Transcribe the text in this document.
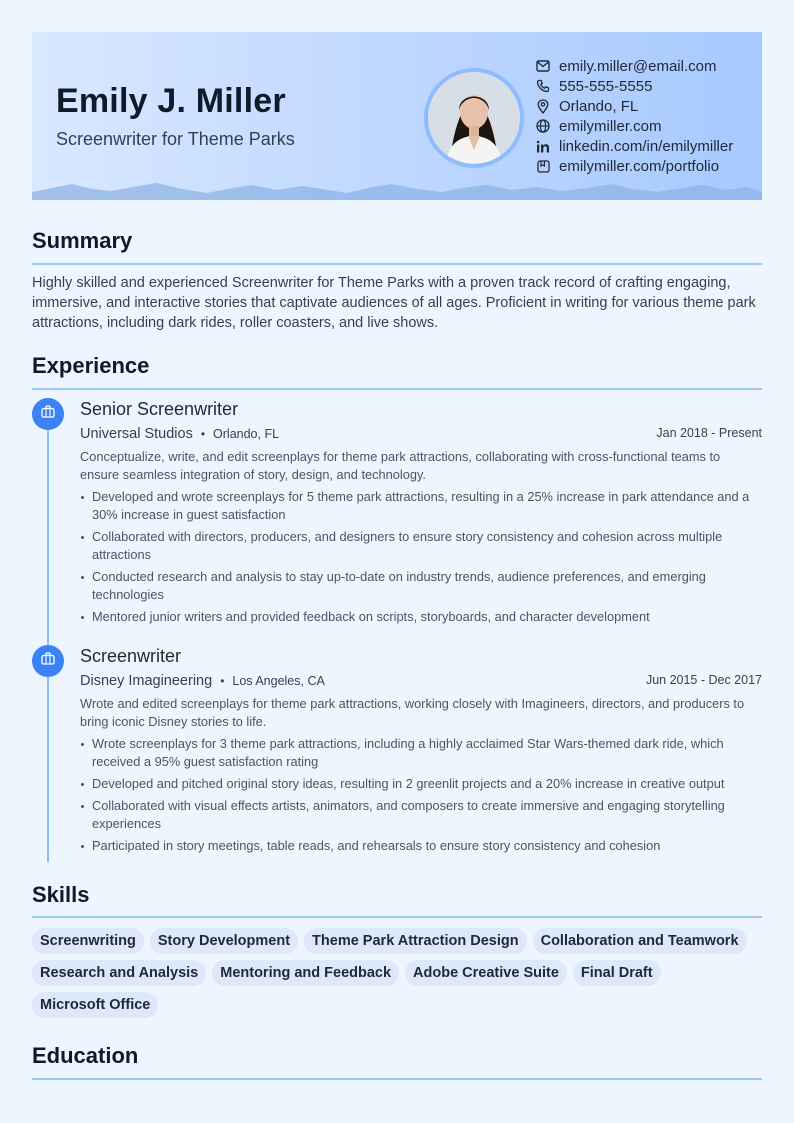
Emily J. Miller
Screenwriter for Theme Parks
emily.miller@email.com
555-555-5555
Orlando, FL
emilymiller.com
linkedin.com/in/emilymiller
emilymiller.com/portfolio
Summary
Highly skilled and experienced Screenwriter for Theme Parks with a proven track record of crafting engaging, immersive, and interactive stories that captivate audiences of all ages. Proficient in writing for various theme park attractions, including dark rides, roller coasters, and live shows.
Experience
Senior Screenwriter
Universal Studios • Orlando, FL	Jan 2018 - Present
Conceptualize, write, and edit screenplays for theme park attractions, collaborating with cross-functional teams to ensure seamless integration of story, design, and technology.
Developed and wrote screenplays for 5 theme park attractions, resulting in a 25% increase in park attendance and a 30% increase in guest satisfaction
Collaborated with directors, producers, and designers to ensure story consistency and cohesion across multiple attractions
Conducted research and analysis to stay up-to-date on industry trends, audience preferences, and emerging technologies
Mentored junior writers and provided feedback on scripts, storyboards, and character development
Screenwriter
Disney Imagineering • Los Angeles, CA	Jun 2015 - Dec 2017
Wrote and edited screenplays for theme park attractions, working closely with Imagineers, directors, and producers to bring iconic Disney stories to life.
Wrote screenplays for 3 theme park attractions, including a highly acclaimed Star Wars-themed dark ride, which received a 95% guest satisfaction rating
Developed and pitched original story ideas, resulting in 2 greenlit projects and a 20% increase in creative output
Collaborated with visual effects artists, animators, and composers to create immersive and engaging storytelling experiences
Participated in story meetings, table reads, and rehearsals to ensure story consistency and cohesion
Skills
Screenwriting Story Development Theme Park Attraction Design Collaboration and Teamwork
Research and Analysis Mentoring and Feedback Adobe Creative Suite Final Draft
Microsoft Office
Education
